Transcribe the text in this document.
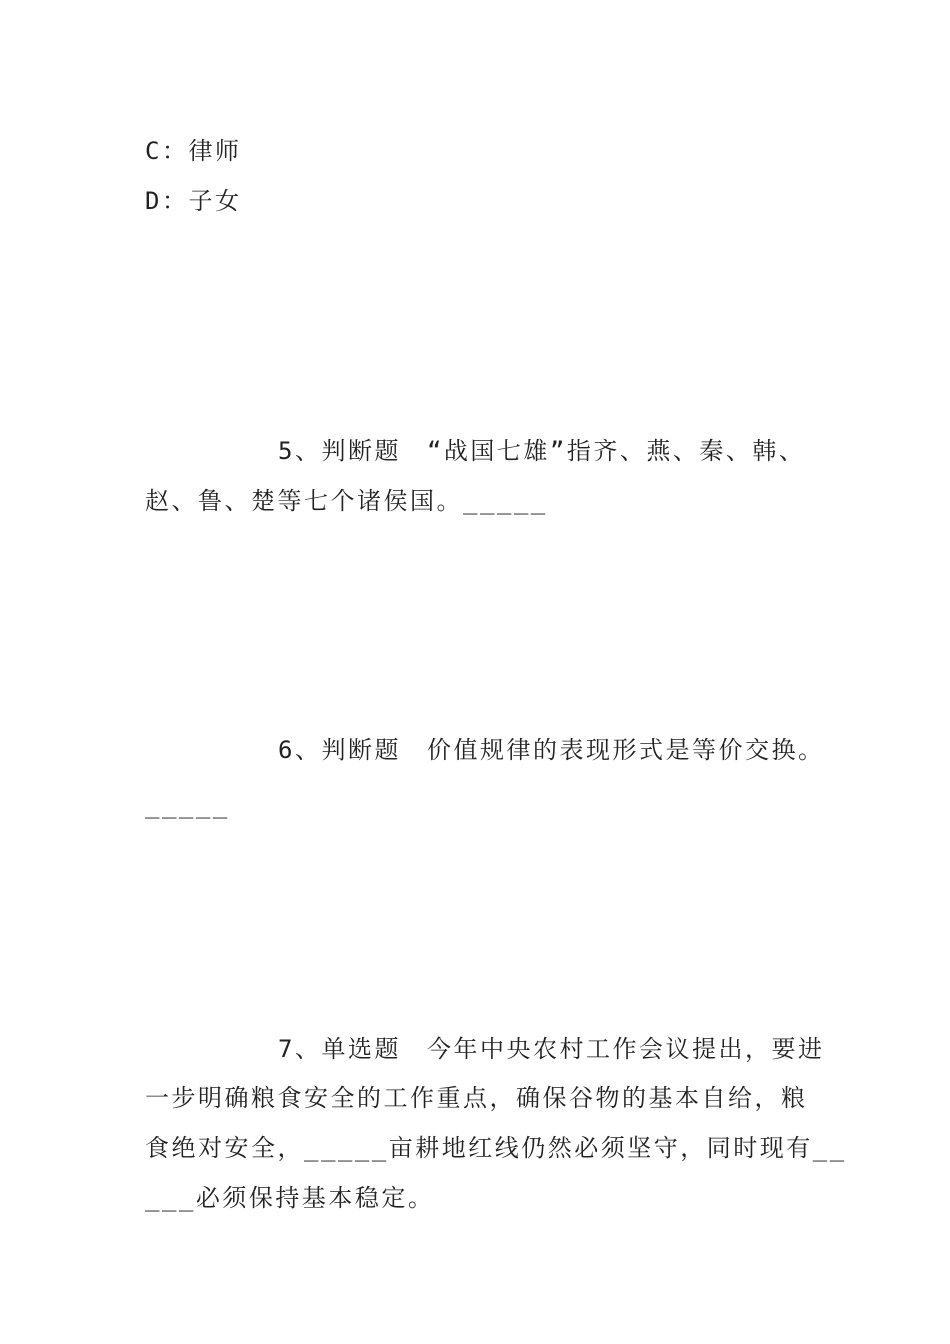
C：律师
D：子女
5、判断题 “战国七雄”指齐、燕、秦、韩、
赵、鲁、楚等七个诸侯国。_____
6、判断题 价值规律的表现形式是等价交换。
_____
7、单选题 今年中央农村工作会议提出，要进
一步明确粮食安全的工作重点，确保谷物的基本自给，粮
食绝对安全，_____亩耕地红线仍然必须坚守，同时现有__
___必须保持基本稳定。
